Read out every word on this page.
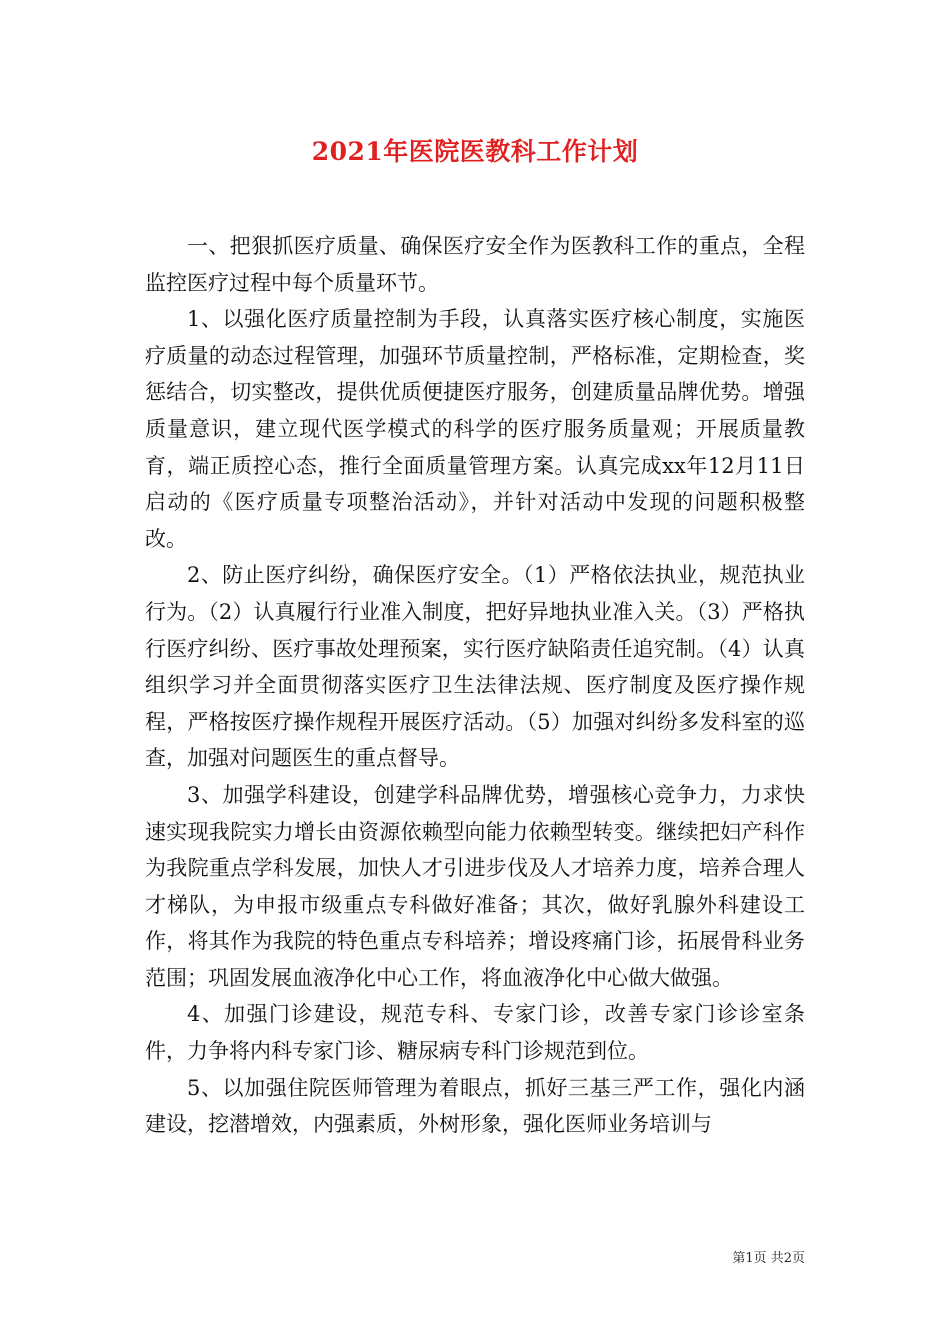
2021年医院医教科工作计划

一、把狠抓医疗质量、确保医疗安全作为医教科工作的重点，全程监控医疗过程中每个质量环节。

1、以强化医疗质量控制为手段，认真落实医疗核心制度，实施医疗质量的动态过程管理，加强环节质量控制，严格标准，定期检查，奖惩结合，切实整改，提供优质便捷医疗服务，创建质量品牌优势。增强质量意识，建立现代医学模式的科学的医疗服务质量观；开展质量教育，端正质控心态，推行全面质量管理方案。认真完成xx年12月11日启动的《医疗质量专项整治活动》，并针对活动中发现的问题积极整改。

2、防止医疗纠纷，确保医疗安全。（1）严格依法执业，规范执业行为。（2）认真履行行业准入制度，把好异地执业准入关。（3）严格执行医疗纠纷、医疗事故处理预案，实行医疗缺陷责任追究制。（4）认真组织学习并全面贯彻落实医疗卫生法律法规、医疗制度及医疗操作规程，严格按医疗操作规程开展医疗活动。（5）加强对纠纷多发科室的巡查，加强对问题医生的重点督导。

3、加强学科建设，创建学科品牌优势，增强核心竞争力，力求快速实现我院实力增长由资源依赖型向能力依赖型转变。继续把妇产科作为我院重点学科发展，加快人才引进步伐及人才培养力度，培养合理人才梯队，为申报市级重点专科做好准备；其次，做好乳腺外科建设工作，将其作为我院的特色重点专科培养；增设疼痛门诊，拓展骨科业务范围；巩固发展血液净化中心工作，将血液净化中心做大做强。

4、加强门诊建设，规范专科、专家门诊，改善专家门诊诊室条件，力争将内科专家门诊、糖尿病专科门诊规范到位。

5、以加强住院医师管理为着眼点，抓好三基三严工作，强化内涵建设，挖潜增效，内强素质，外树形象，强化医师业务培训与

第1页 共2页
